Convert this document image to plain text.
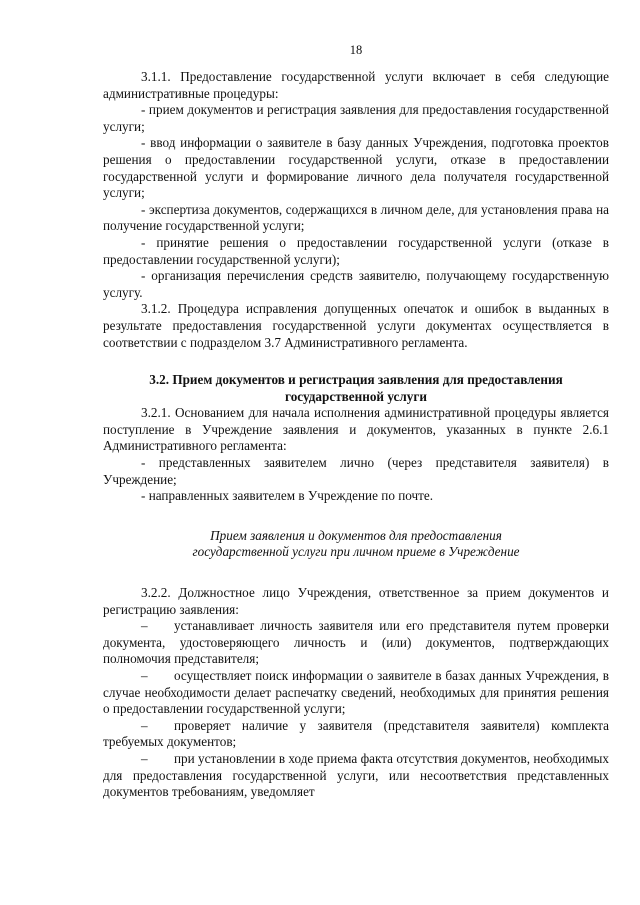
18

3.1.1. Предоставление государственной услуги включает в себя следующие административные процедуры:

- прием документов и регистрация заявления для предоставления государственной услуги;

- ввод информации о заявителе в базу данных Учреждения, подготовка проектов решения о предоставлении государственной услуги, отказе в предоставлении государственной услуги и формирование личного дела получателя государственной услуги;

- экспертиза документов, содержащихся в личном деле, для установления права на получение государственной услуги;

- принятие решения о предоставлении государственной услуги (отказе в предоставлении государственной услуги);

- организация перечисления средств заявителю, получающему государственную услугу.

3.1.2. Процедура исправления допущенных опечаток и ошибок в выданных в результате предоставления государственной услуги документах осуществляется в соответствии с подразделом 3.7 Административного регламента.

3.2. Прием документов и регистрация заявления для предоставления
государственной услуги

3.2.1. Основанием для начала исполнения административной процедуры является поступление в Учреждение заявления и документов, указанных в пункте 2.6.1 Административного регламента:

- представленных заявителем лично (через представителя заявителя) в Учреждение;

- направленных заявителем в Учреждение по почте.

Прием заявления и документов для предоставления
государственной услуги при личном приеме в Учреждение

3.2.2. Должностное лицо Учреждения, ответственное за прием документов и регистрацию заявления:

–  устанавливает личность заявителя или его представителя путем проверки документа, удостоверяющего личность и (или) документов, подтверждающих полномочия представителя;

–  осуществляет поиск информации о заявителе в базах данных Учреждения, в случае необходимости делает распечатку сведений, необходимых для принятия решения о предоставлении государственной услуги;

–  проверяет наличие у заявителя (представителя заявителя) комплекта требуемых документов;

–  при установлении в ходе приема факта отсутствия документов, необходимых для предоставления государственной услуги, или несоответствия представленных документов требованиям, уведомляет
